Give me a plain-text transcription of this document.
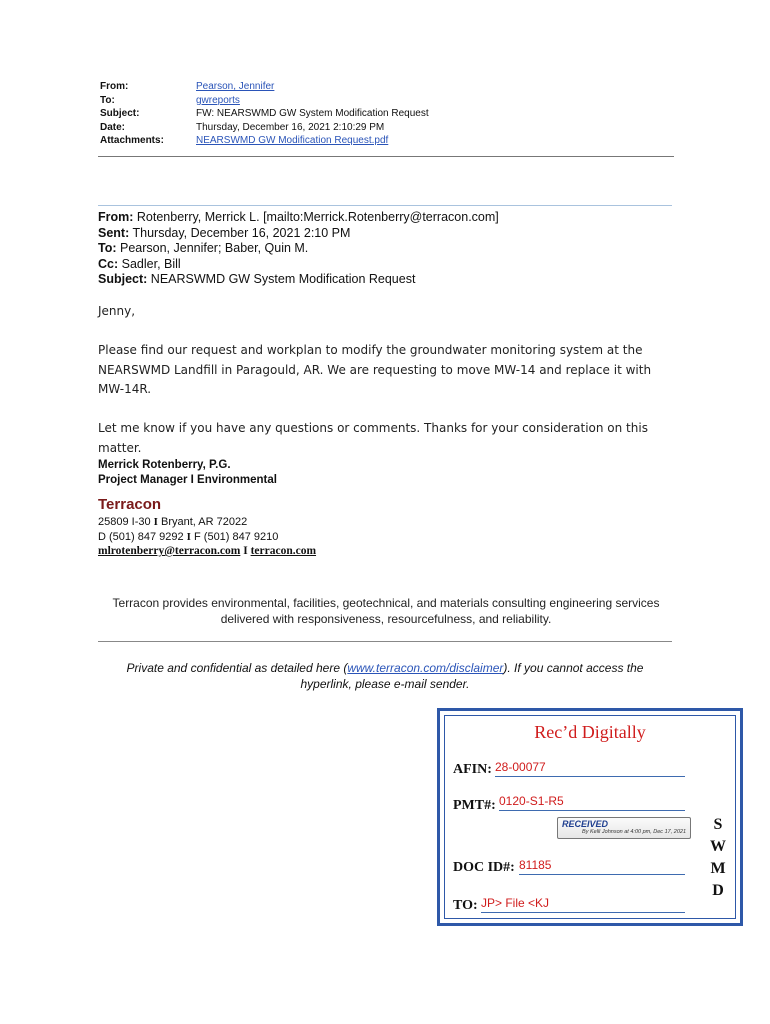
From:	Pearson, Jennifer
To:	gwreports
Subject:	FW: NEARSWMD GW System Modification Request
Date:	Thursday, December 16, 2021 2:10:29 PM
Attachments:	NEARSWMD GW Modification Request.pdf
From: Rotenberry, Merrick L. [mailto:Merrick.Rotenberry@terracon.com]
Sent: Thursday, December 16, 2021 2:10 PM
To: Pearson, Jennifer; Baber, Quin M.
Cc: Sadler, Bill
Subject: NEARSWMD GW System Modification Request
Jenny,
Please find our request and workplan to modify the groundwater monitoring system at the NEARSWMD Landfill in Paragould, AR. We are requesting to move MW-14 and replace it with MW-14R.
Let me know if you have any questions or comments. Thanks for your consideration on this matter.
Merrick Rotenberry, P.G.
Project Manager I Environmental
Terracon
25809 I-30 I Bryant, AR 72022
D (501) 847 9292 I F (501) 847 9210
mlrotenberry@terracon.com I terracon.com
Terracon provides environmental, facilities, geotechnical, and materials consulting engineering services delivered with responsiveness, resourcefulness, and reliability.
Private and confidential as detailed here (www.terracon.com/disclaimer). If you cannot access the hyperlink, please e-mail sender.
Rec’d Digitally
AFIN: 28-00077
PMT#: 0120-S1-R5
RECEIVED
By Kelli Johnson at 4:00 pm, Dec 17, 2021
DOC ID#: 81185
TO: JP> File <KJ
S
W
M
D
